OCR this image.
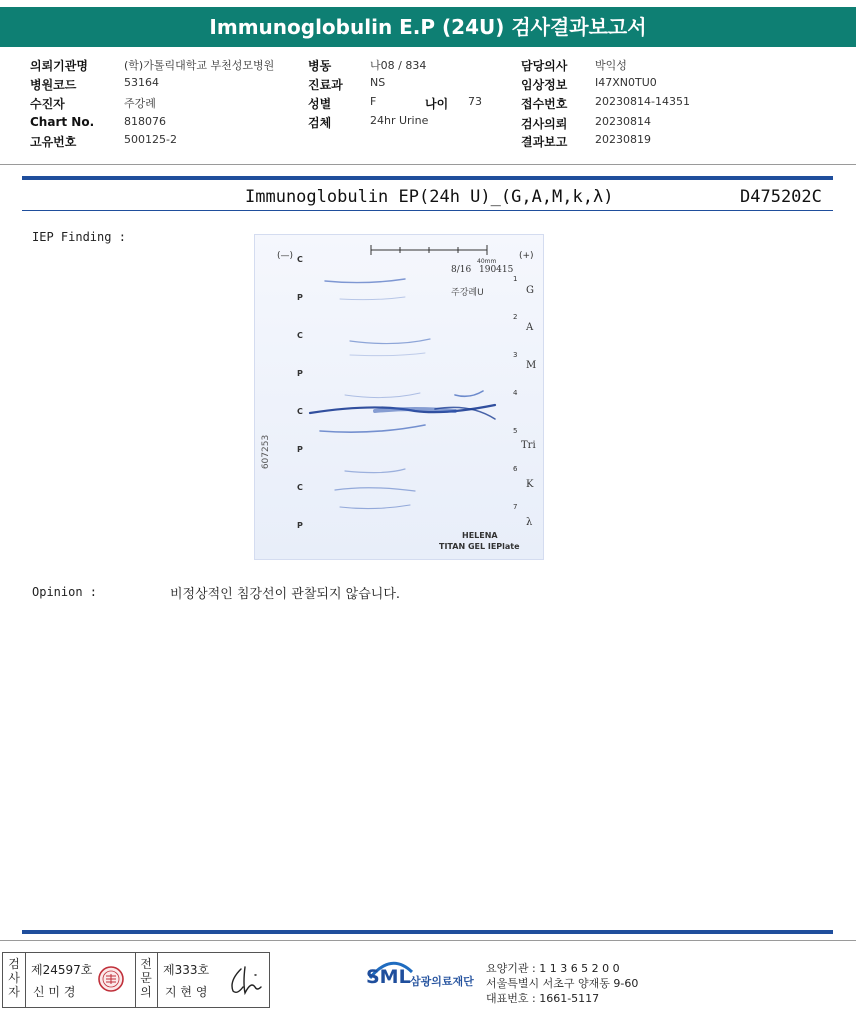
Immunoglobulin E.P (24U) 검사결과보고서
의뢰기관명	(학)가톨릭대학교 부천성모병원
병원코드	53164
수진자	주강례
Chart No.	818076
고유번호	500125-2
병동	나08 / 834
진료과 NS
성별	F	나이 73
검체	24hr Urine
담당의사	박익성
임상정보	I47XN0TU0
접수번호	20230814-14351
검사의뢰	20230814
결과보고	20230819
Immunoglobulin EP(24h U)_(G,A,M,k,λ)	D475202C
IEP Finding :
(—)	(+)
40mm
8/16 190415
주강례U
607253
C
P
C
P
C
P
C
P
1
2
3
4
5
6
7
G
A
M
Tri
K
λ
HELENA
TITAN GEL IEPlate
Opinion :	비정상적인 침강선이 관찰되지 않습니다.
검사자
제24597호
신 미 경
전문의
제333호
지 현 영
SML 삼광의료재단
요양기관 : 1 1 3 6 5 2 0 0
서울특별시 서초구 양재동 9-60
대표번호 : 1661-5117
